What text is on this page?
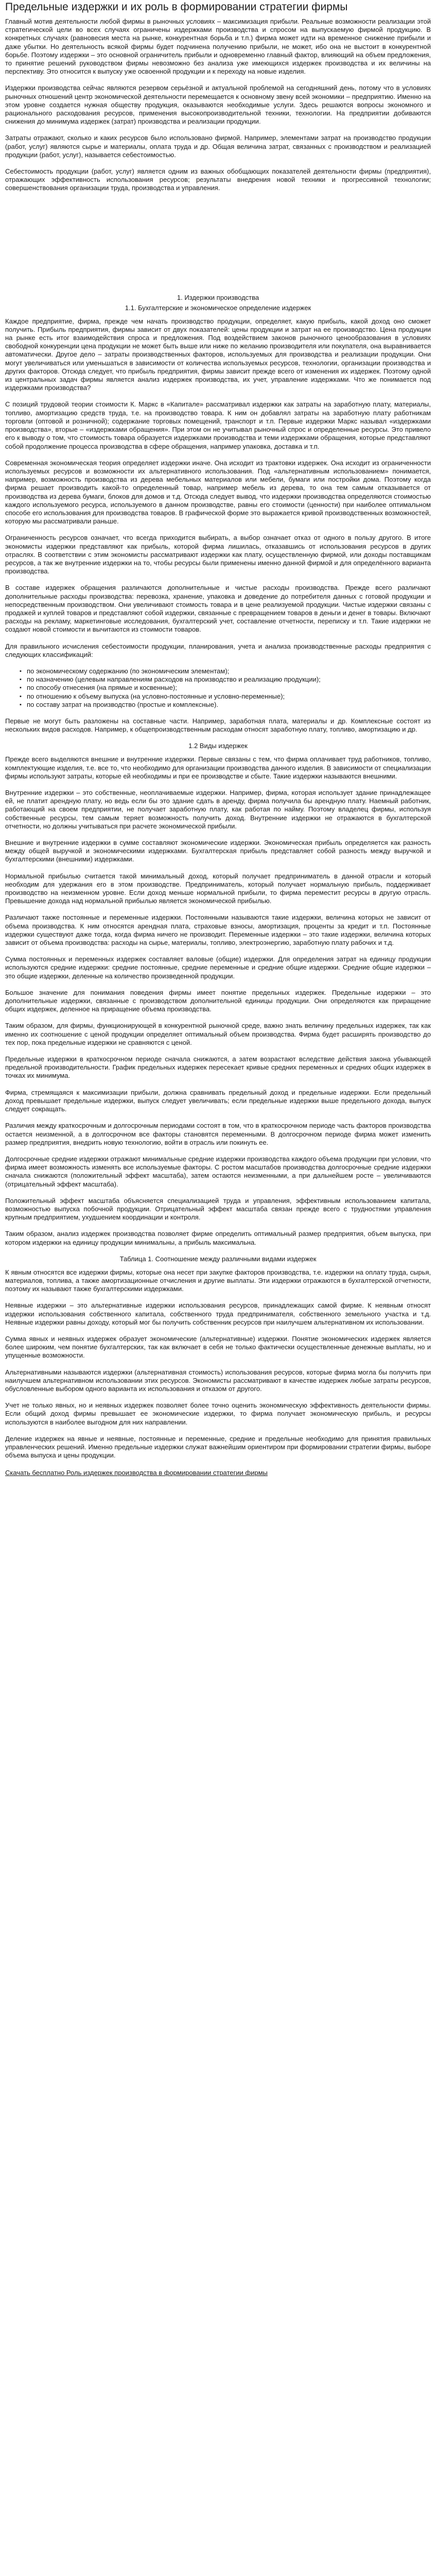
Предельные издержки и их роль в формировании стратегии фирмы

Главный мотив деятельности любой фирмы в рыночных условиях – максимизация прибыли. Реальные возможности реализации этой стратегической цели во всех случаях ограничены издержками производства и спросом на выпускаемую фирмой продукцию. В конкретных случаях (равновесия места на рынке, конкурентная борьба и т.п.) фирма может идти на временное снижение прибыли и даже убытки. Но деятельность всякой фирмы будет подчинена получению прибыли, не может, ибо она не выстоит в конкурентной борьбе. Поэтому издержки – это основной ограничитель прибыли и одновременно главный фактор, влияющий на объем предложения, то принятие решений руководством фирмы невозможно без анализа уже имеющихся издержек производства и их величины на перспективу. Это относится к выпуску уже освоенной продукции и к переходу на новые изделия.

Издержки производства сейчас являются резервом серьёзной и актуальной проблемой на сегодняшний день, потому что в условиях рыночных отношений центр экономической деятельности перемещается к основному звену всей экономики – предприятию. Именно на этом уровне создается нужная обществу продукция, оказываются необходимые услуги. Здесь решаются вопросы экономного и рационального расходования ресурсов, применения высокопроизводительной техники, технологии. На предприятии добиваются снижения до минимума издержек (затрат) производства и реализации продукции.

Затраты отражают, сколько и каких ресурсов было использовано фирмой. Например, элементами затрат на производство продукции (работ, услуг) являются сырье и материалы, оплата труда и др. Общая величина затрат, связанных с производством и реализацией продукции (работ, услуг), называется себестоимостью.

Себестоимость продукции (работ, услуг) является одним из важных обобщающих показателей деятельности фирмы (предприятия), отражающих эффективность использования ресурсов; результаты внедрения новой техники и прогрессивной технологии; совершенствования организации труда, производства и управления.

1. Издержки производства
1.1. Бухгалтерские и экономическое определение издержек

Каждое предприятие, фирма, прежде чем начать производство продукции, определяет, какую прибыль, какой доход оно сможет получить. Прибыль предприятия, фирмы зависит от двух показателей: цены продукции и затрат на ее производство. Цена продукции на рынке есть итог взаимодействия спроса и предложения. Под воздействием законов рыночного ценообразования в условиях свободной конкуренции цена продукции не может быть выше или ниже по желанию производителя или покупателя, она выравнивается автоматически. Другое дело – затраты производственных факторов, используемых для производства и реализации продукции. Они могут увеличиваться или уменьшаться в зависимости от количества используемых ресурсов, технологии, организации производства и других факторов. Отсюда следует, что прибыль предприятия, фирмы зависит прежде всего от изменения их издержек. Поэтому одной из центральных задач фирмы является анализ издержек производства, их учет, управление издержками. Что же понимается под издержками производства?

С позиций трудовой теории стоимости К. Маркс в «Капитале» рассматривал издержки как затраты на заработную плату, материалы, топливо, амортизацию средств труда, т.е. на производство товара. К ним он добавлял затраты на заработную плату работникам торговли (оптовой и розничной); содержание торговых помещений, транспорт и т.п. Первые издержки Маркс называл «издержками производства», вторые – «издержками обращения». При этом он не учитывал рыночный спрос и определенные ресурсы. Это привело его к выводу о том, что стоимость товара образуется издержками производства и теми издержками обращения, которые представляют собой продолжение процесса производства в сфере обращения, например упаковка, доставка и т.п.

Современная экономическая теория определяет издержки иначе. Она исходит из трактовки издержек. Она исходит из ограниченности используемых ресурсов и возможности их альтернативного использования. Под «альтернативным использованием» понимается, например, возможность производства из дерева мебельных материалов или мебели, бумаги или постройки дома. Поэтому когда фирма решает производить какой-то определенный товар, например мебель из дерева, то она тем самым отказывается от производства из дерева бумаги, блоков для домов и т.д. Отсюда следует вывод, что издержки производства определяются стоимостью каждого используемого ресурса, используемого в данном производстве, равны его стоимости (ценности) при наиболее оптимальном способе его использования для производства товаров. В графической форме это выражается кривой производственных возможностей, которую мы рассматривали раньше.

Ограниченность ресурсов означает, что всегда приходится выбирать, а выбор означает отказ от одного в пользу другого. В итоге экономисты издержки представляют как прибыль, которой фирма лишилась, отказавшись от использования ресурсов в других отраслях. В соответствии с этим экономисты рассматривают издержки как плату, осуществленную фирмой, или доходы поставщикам ресурсов, а так же внутренние издержки на то, чтобы ресурсы были применены именно данной фирмой и для определённого варианта производства.

В составе издержек обращения различаются дополнительные и чистые расходы производства. Прежде всего различают дополнительные расходы производства: перевозка, хранение, упаковка и доведение до потребителя данных с готовой продукции и непосредственным производством. Они увеличивают стоимость товара и в цене реализуемой продукции. Чистые издержки связаны с продажей и куплей товаров и представляют собой издержки, связанные с превращением товаров в деньги и денег в товары. Включают расходы на рекламу, маркетинговые исследования, бухгалтерский учет, составление отчетности, переписку и т.п. Такие издержки не создают новой стоимости и вычитаются из стоимости товаров.

Для правильного исчисления себестоимости продукции, планирования, учета и анализа производственные расходы предприятия с следующих классификаций:

▪ по экономическому содержанию (по экономическим элементам);
▪ по назначению (целевым направлениям расходов на производство и реализацию продукции);
▪ по способу отнесения (на прямые и косвенные);
▪ по отношению к объему выпуска (на условно-постоянные и условно-переменные);
▪ по составу затрат на производство (простые и комплексные).

Первые не могут быть разложены на составные части. Например, заработная плата, материалы и др. Комплексные состоят из нескольких видов расходов. Например, к общепроизводственным расходам относят заработную плату, топливо, амортизацию и др.

1.2 Виды издержек

Прежде всего выделяются внешние и внутренние издержки. Первые связаны с тем, что фирма оплачивает труд работников, топливо, комплектующие изделия, т.е. все то, что необходимо для организации производства данного изделия. В зависимости от специализации фирмы используют затраты, которые ей необходимы и при ее производстве и сбыте. Такие издержки называются внешними.

Внутренние издержки – это собственные, неоплачиваемые издержки. Например, фирма, которая использует здание принадлежащее ей, не платит арендную плату, но ведь если бы это здание сдать в аренду, фирма получила бы арендную плату. Наемный работник, работающий на своем предприятии, не получает заработную плату, как работая по найму. Поэтому владелец фирмы, используя собственные ресурсы, тем самым теряет возможность получить доход. Внутренние издержки не отражаются в бухгалтерской отчетности, но должны учитываться при расчете экономической прибыли.

Внешние и внутренние издержки в сумме составляют экономические издержки. Экономическая прибыль определяется как разность между общей выручкой и экономическими издержками. Бухгалтерская прибыль представляет собой разность между выручкой и бухгалтерскими (внешними) издержками.

Нормальной прибылью считается такой минимальный доход, который получает предприниматель в данной отрасли и который необходим для удержания его в этом производстве. Предприниматель, который получает нормальную прибыль, поддерживает производство на неизменном уровне. Если доход меньше нормальной прибыли, то фирма переместит ресурсы в другую отрасль. Превышение дохода над нормальной прибылью является экономической прибылью.

Различают также постоянные и переменные издержки. Постоянными называются такие издержки, величина которых не зависит от объема производства. К ним относятся арендная плата, страховые взносы, амортизация, проценты за кредит и т.п. Постоянные издержки существуют даже тогда, когда фирма ничего не производит. Переменные издержки – это такие издержки, величина которых зависит от объема производства: расходы на сырье, материалы, топливо, электроэнергию, заработную плату рабочих и т.д.

Сумма постоянных и переменных издержек составляет валовые (общие) издержки. Для определения затрат на единицу продукции используются средние издержки: средние постоянные, средние переменные и средние общие издержки. Средние общие издержки – это общие издержки, деленные на количество произведенной продукции.

Большое значение для понимания поведения фирмы имеет понятие предельных издержек. Предельные издержки – это дополнительные издержки, связанные с производством дополнительной единицы продукции. Они определяются как приращение общих издержек, деленное на приращение объема производства.

Таким образом, для фирмы, функционирующей в конкурентной рыночной среде, важно знать величину предельных издержек, так как именно их соотношение с ценой продукции определяет оптимальный объем производства. Фирма будет расширять производство до тех пор, пока предельные издержки не сравняются с ценой.

Предельные издержки в краткосрочном периоде сначала снижаются, а затем возрастают вследствие действия закона убывающей предельной производительности. График предельных издержек пересекает кривые средних переменных и средних общих издержек в точках их минимума.

Фирма, стремящаяся к максимизации прибыли, должна сравнивать предельный доход и предельные издержки. Если предельный доход превышает предельные издержки, выпуск следует увеличивать; если предельные издержки выше предельного дохода, выпуск следует сокращать.

Различия между краткосрочным и долгосрочным периодами состоят в том, что в краткосрочном периоде часть факторов производства остается неизменной, а в долгосрочном все факторы становятся переменными. В долгосрочном периоде фирма может изменить размер предприятия, внедрить новую технологию, войти в отрасль или покинуть ее.

Долгосрочные средние издержки отражают минимальные средние издержки производства каждого объема продукции при условии, что фирма имеет возможность изменять все используемые факторы. С ростом масштабов производства долгосрочные средние издержки сначала снижаются (положительный эффект масштаба), затем остаются неизменными, а при дальнейшем росте – увеличиваются (отрицательный эффект масштаба).

Положительный эффект масштаба объясняется специализацией труда и управления, эффективным использованием капитала, возможностью выпуска побочной продукции. Отрицательный эффект масштаба связан прежде всего с трудностями управления крупным предприятием, ухудшением координации и контроля.

Таким образом, анализ издержек производства позволяет фирме определить оптимальный размер предприятия, объем выпуска, при котором издержки на единицу продукции минимальны, а прибыль максимальна.

Таблица 1. Соотношение между различными видами издержек

К явным относятся все издержки фирмы, которые она несет при закупке факторов производства, т.е. издержки на оплату труда, сырья, материалов, топлива, а также амортизационные отчисления и другие выплаты. Эти издержки отражаются в бухгалтерской отчетности, поэтому их называют также бухгалтерскими издержками.

Неявные издержки – это альтернативные издержки использования ресурсов, принадлежащих самой фирме. К неявным относят издержки использования собственного капитала, собственного труда предпринимателя, собственного земельного участка и т.д. Неявные издержки равны доходу, который мог бы получить собственник ресурсов при наилучшем альтернативном их использовании.

Сумма явных и неявных издержек образует экономические (альтернативные) издержки. Понятие экономических издержек является более широким, чем понятие бухгалтерских, так как включает в себя не только фактически осуществленные денежные выплаты, но и упущенные возможности.

Альтернативными называются издержки (альтернативная стоимость) использования ресурсов, которые фирма могла бы получить при наилучшем альтернативном использовании этих ресурсов. Экономисты рассматривают в качестве издержек любые затраты ресурсов, обусловленные выбором одного варианта их использования и отказом от другого.

Учет не только явных, но и неявных издержек позволяет более точно оценить экономическую эффективность деятельности фирмы. Если общий доход фирмы превышает ее экономические издержки, то фирма получает экономическую прибыль, и ресурсы используются в наиболее выгодном для них направлении.

Деление издержек на явные и неявные, постоянные и переменные, средние и предельные необходимо для принятия правильных управленческих решений. Именно предельные издержки служат важнейшим ориентиром при формировании стратегии фирмы, выборе объема выпуска и цены продукции.

Скачать бесплатно Роль издержек производства в формировании стратегии фирмы
